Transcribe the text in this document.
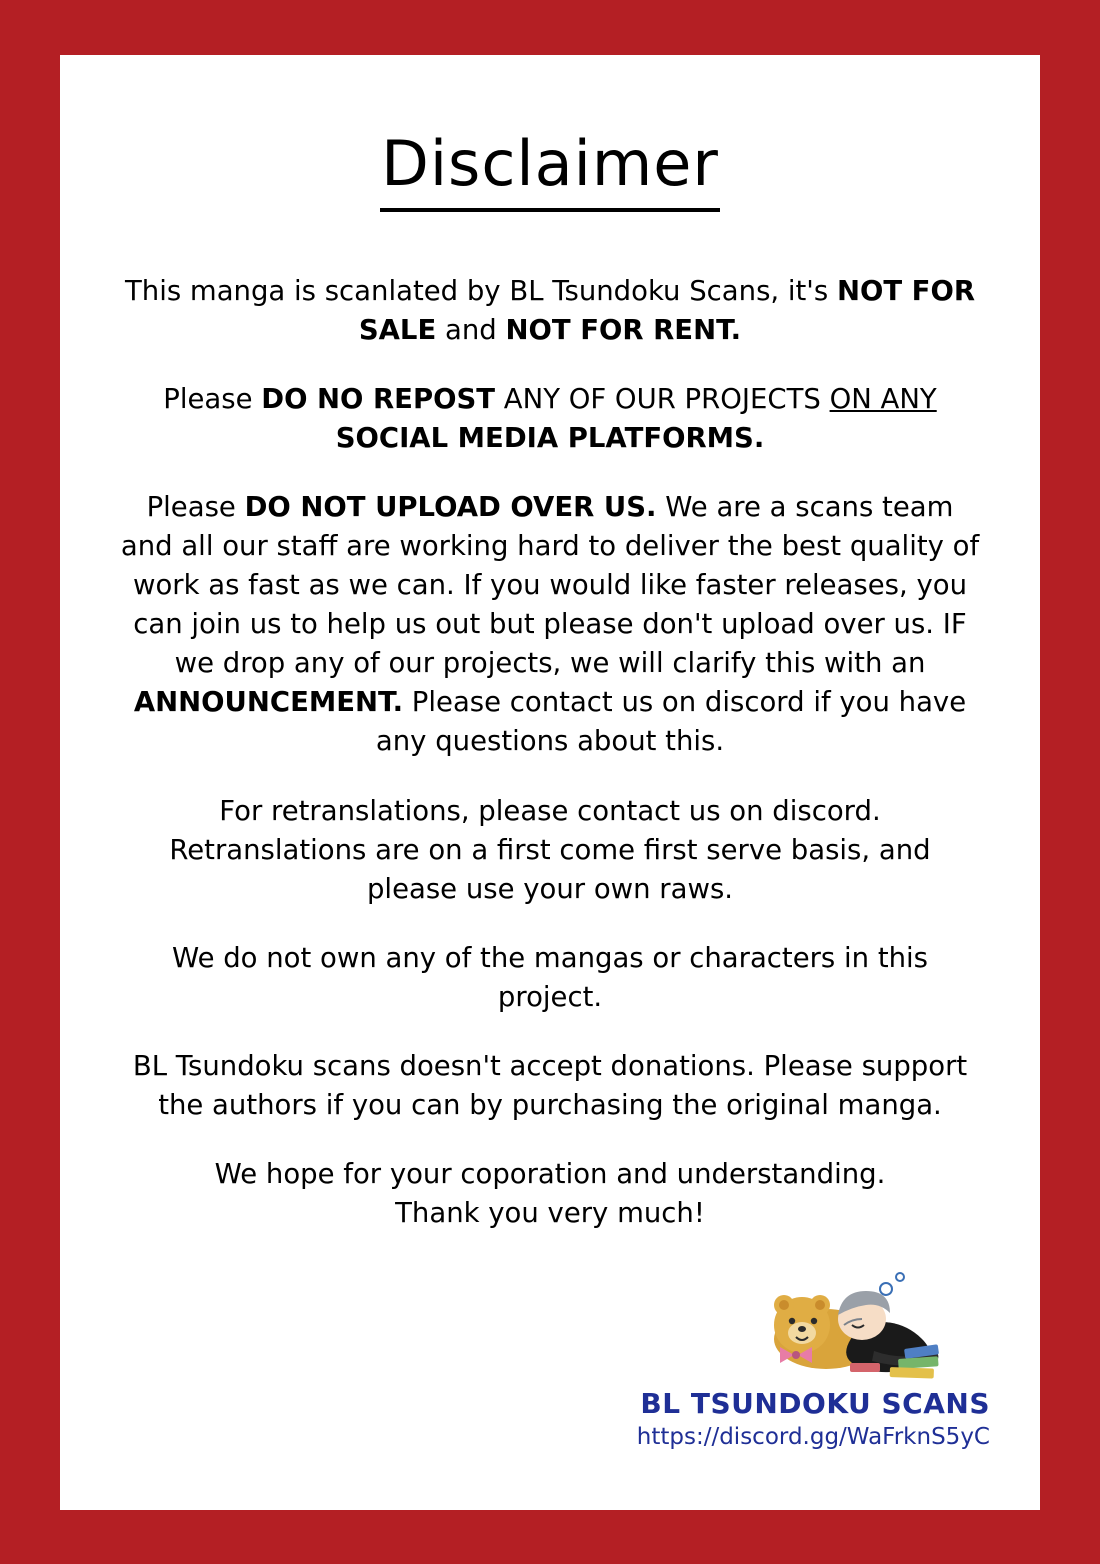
Disclaimer

This manga is scanlated by BL Tsundoku Scans, it's NOT FOR SALE and NOT FOR RENT.

Please DO NO REPOST ANY OF OUR PROJECTS ON ANY SOCIAL MEDIA PLATFORMS.

Please DO NOT UPLOAD OVER US. We are a scans team and all our staff are working hard to deliver the best quality of work as fast as we can. If you would like faster releases, you can join us to help us out but please don't upload over us. IF we drop any of our projects, we will clarify this with an ANNOUNCEMENT. Please contact us on discord if you have any questions about this.

For retranslations, please contact us on discord. Retranslations are on a first come first serve basis, and please use your own raws.

We do not own any of the mangas or characters in this project.

BL Tsundoku scans doesn't accept donations. Please support the authors if you can by purchasing the original manga.

We hope for your coporation and understanding.
Thank you very much!

BL TSUNDOKU SCANS
https://discord.gg/WaFrknS5yC
